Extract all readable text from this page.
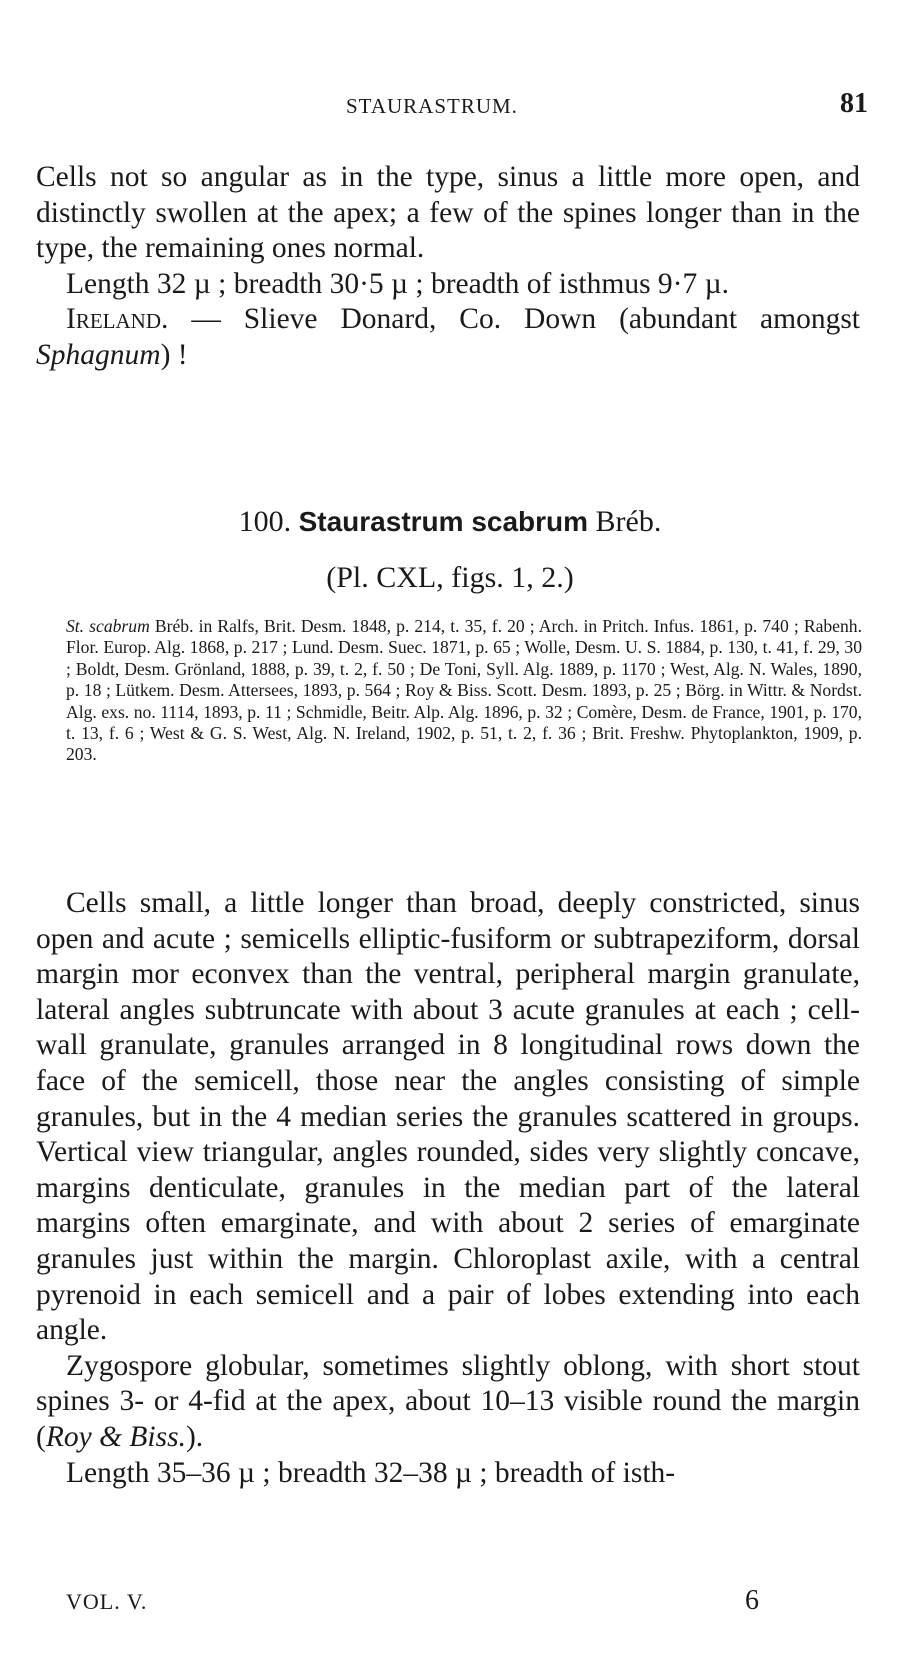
STAURASTRUM.	81

Cells not so angular as in the type, sinus a little more open, and distinctly swollen at the apex; a few of the spines longer than in the type, the remaining ones normal.

Length 32 µ ; breadth 30·5 µ ; breadth of isthmus 9·7 µ.

Ireland. — Slieve Donard, Co. Down (abundant amongst Sphagnum) !

100. Staurastrum scabrum Bréb.
(Pl. CXL, figs. 1, 2.)
St. scabrum Bréb. in Ralfs, Brit. Desm. 1848, p. 214, t. 35, f. 20 ; Arch. in Pritch. Infus. 1861, p. 740 ; Rabenh. Flor. Europ. Alg. 1868, p. 217 ; Lund. Desm. Suec. 1871, p. 65 ; Wolle, Desm. U. S. 1884, p. 130, t. 41, f. 29, 30 ; Boldt, Desm. Grönland, 1888, p. 39, t. 2, f. 50 ; De Toni, Syll. Alg. 1889, p. 1170 ; West, Alg. N. Wales, 1890, p. 18 ; Lütkem. Desm. Attersees, 1893, p. 564 ; Roy & Biss. Scott. Desm. 1893, p. 25 ; Börg. in Wittr. & Nordst. Alg. exs. no. 1114, 1893, p. 11 ; Schmidle, Beitr. Alp. Alg. 1896, p. 32 ; Comère, Desm. de France, 1901, p. 170, t. 13, f. 6 ; West & G. S. West, Alg. N. Ireland, 1902, p. 51, t. 2, f. 36 ; Brit. Freshw. Phytoplankton, 1909, p. 203.

Cells small, a little longer than broad, deeply constricted, sinus open and acute ; semicells elliptic-fusiform or subtrapeziform, dorsal margin mor econvex than the ventral, peripheral margin granulate, lateral angles subtruncate with about 3 acute granules at each ; cell-wall granulate, granules arranged in 8 longitudinal rows down the face of the semicell, those near the angles consisting of simple granules, but in the 4 median series the granules scattered in groups. Vertical view triangular, angles rounded, sides very slightly concave, margins denticulate, granules in the median part of the lateral margins often emarginate, and with about 2 series of emarginate granules just within the margin. Chloroplast axile, with a central pyrenoid in each semicell and a pair of lobes extending into each angle.

Zygospore globular, sometimes slightly oblong, with short stout spines 3- or 4-fid at the apex, about 10–13 visible round the margin (Roy & Biss.).

Length 35–36 µ ; breadth 32–38 µ ; breadth of isth-

VOL. V.	6
